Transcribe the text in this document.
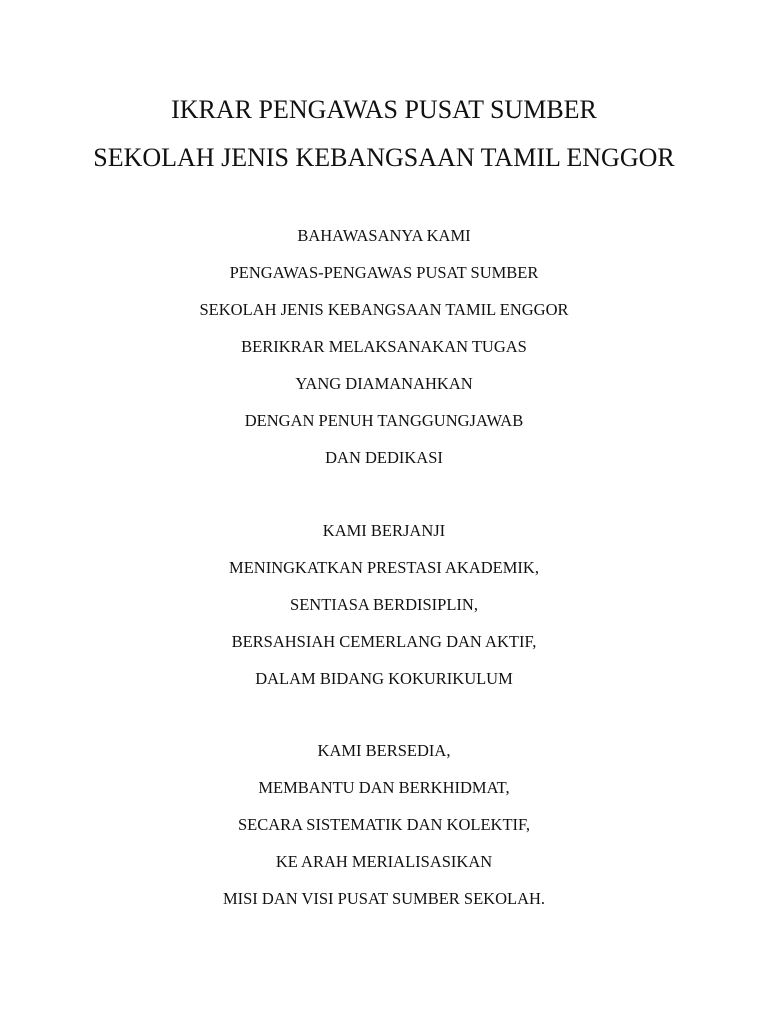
IKRAR PENGAWAS PUSAT SUMBER
SEKOLAH JENIS KEBANGSAAN TAMIL ENGGOR
BAHAWASANYA KAMI
PENGAWAS-PENGAWAS PUSAT SUMBER
SEKOLAH JENIS KEBANGSAAN TAMIL ENGGOR
BERIKRAR MELAKSANAKAN TUGAS
YANG DIAMANAHKAN
DENGAN PENUH TANGGUNGJAWAB
DAN DEDIKASI
KAMI BERJANJI
MENINGKATKAN PRESTASI AKADEMIK,
SENTIASA BERDISIPLIN,
BERSAHSIAH CEMERLANG DAN AKTIF,
DALAM BIDANG KOKURIKULUM
KAMI BERSEDIA,
MEMBANTU DAN BERKHIDMAT,
SECARA SISTEMATIK DAN KOLEKTIF,
KE ARAH MERIALISASIKAN
MISI DAN VISI PUSAT SUMBER SEKOLAH.
